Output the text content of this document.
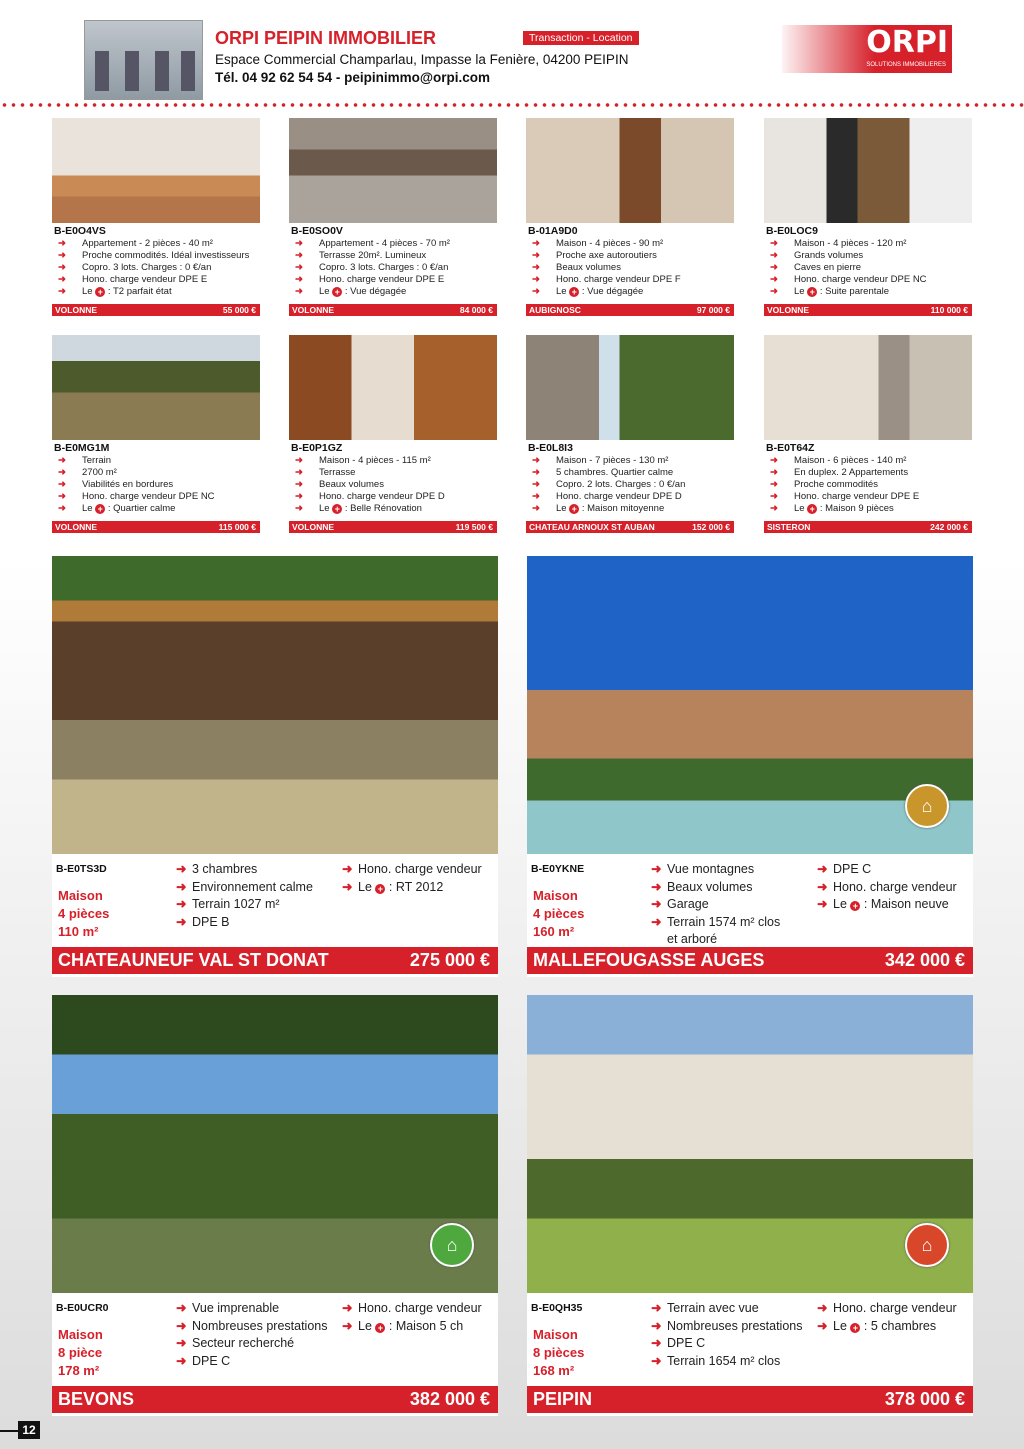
ORPI PEIPIN IMMOBILIER
Espace Commercial Champarlau, Impasse la Fenière, 04200 PEIPIN
Tél. 04 92 62 54 54 - peipinimmo@orpi.com
Transaction - Location	ORPI
SOLUTIONS IMMOBILIERES
B-E0O4VS
➜ Appartement - 2 pièces - 40 m²
➜ Proche commodités. Idéal investisseurs
➜ Copro. 3 lots. Charges : 0 €/an
➜ Hono. charge vendeur DPE E
➜ Le + : T2 parfait état
VOLONNE	55 000 €
B-E0SO0V
➜ Appartement - 4 pièces - 70 m²
➜ Terrasse 20m². Lumineux
➜ Copro. 3 lots. Charges : 0 €/an
➜ Hono. charge vendeur DPE E
➜ Le + : Vue dégagée
VOLONNE	84 000 €
B-01A9D0
➜ Maison - 4 pièces - 90 m²
➜ Proche axe autoroutiers
➜ Beaux volumes
➜ Hono. charge vendeur DPE F
➜ Le + : Vue dégagée
AUBIGNOSC	97 000 €
B-E0LOC9
➜ Maison - 4 pièces - 120 m²
➜ Grands volumes
➜ Caves en pierre
➜ Hono. charge vendeur DPE NC
➜ Le + : Suite parentale
VOLONNE	110 000 €
B-E0MG1M
➜ Terrain
➜ 2700 m²
➜ Viabilités en bordures
➜ Hono. charge vendeur DPE NC
➜ Le + : Quartier calme
VOLONNE	115 000 €
B-E0P1GZ
➜ Maison - 4 pièces - 115 m²
➜ Terrasse
➜ Beaux volumes
➜ Hono. charge vendeur DPE D
➜ Le + : Belle Rénovation
VOLONNE	119 500 €
B-E0L8I3
➜ Maison - 7 pièces - 130 m²
➜ 5 chambres. Quartier calme
➜ Copro. 2 lots. Charges : 0 €/an
➜ Hono. charge vendeur DPE D
➜ Le + : Maison mitoyenne
CHATEAU ARNOUX ST AUBAN	152 000 €
B-E0T64Z
➜ Maison - 6 pièces - 140 m²
➜ En duplex. 2 Appartements
➜ Proche commodités
➜ Hono. charge vendeur DPE E
➜ Le + : Maison 9 pièces
SISTERON	242 000 €
B-E0TS3D
Maison
4 pièces
110 m²
➜ 3 chambres
➜ Environnement calme
➜ Terrain 1027 m²
➜ DPE B
➜ Hono. charge vendeur
➜ Le + : RT 2012
CHATEAUNEUF VAL ST DONAT	275 000 €
⌂
B-E0YKNE
Maison
4 pièces
160 m²
➜ Vue montagnes
➜ Beaux volumes
➜ Garage
➜ Terrain 1574 m² clos
et arboré
➜ DPE C
➜ Hono. charge vendeur
➜ Le + : Maison neuve
MALLEFOUGASSE AUGES	342 000 €
⌂
B-E0UCR0
Maison
8 pièce
178 m²
➜ Vue imprenable
➜ Nombreuses prestations
➜ Secteur recherché
➜ DPE C
➜ Hono. charge vendeur
➜ Le + : Maison 5 ch
BEVONS	382 000 €
⌂
B-E0QH35
Maison
8 pièces
168 m²
➜ Terrain avec vue
➜ Nombreuses prestations
➜ DPE C
➜ Terrain 1654 m² clos
➜ Hono. charge vendeur
➜ Le + : 5 chambres
PEIPIN	378 000 €
12
